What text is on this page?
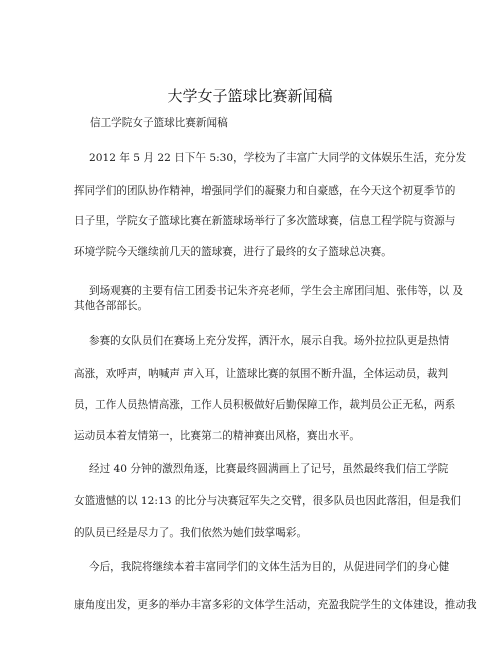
大学女子篮球比赛新闻稿
信工学院女子篮球比赛新闻稿
2012 年 5 月 22 日下午 5:30，学校为了丰富广大同学的文体娱乐生活，充分发
挥同学们的团队协作精神，增强同学们的凝聚力和自豪感，在今天这个初夏季节的
日子里，学院女子篮球比赛在新篮球场举行了多次篮球赛，信息工程学院与资源与
环境学院今天继续前几天的篮球赛，进行了最终的女子篮球总决赛。
到场观赛的主要有信工团委书记朱齐亮老师，学生会主席团闫旭、张伟等，以 及
其他各部部长。
参赛的女队员们在赛场上充分发挥，洒汗水，展示自我。场外拉拉队更是热情
高涨，欢呼声，呐喊声 声入耳，让篮球比赛的氛围不断升温，全体运动员，裁判
员，工作人员热情高涨，工作人员积极做好后勤保障工作，裁判员公正无私，两系
运动员本着友情第一，比赛第二的精神赛出风格，赛出水平。
经过 40 分钟的激烈角逐，比赛最终圆满画上了记号，虽然最终我们信工学院
女篮遗憾的以 12:13 的比分与决赛冠军失之交臂，很多队员也因此落泪，但是我们
的队员已经是尽力了。我们依然为她们鼓掌喝彩。
今后，我院将继续本着丰富同学们的文体生活为目的，从促进同学们的身心健
康角度出发，更多的举办丰富多彩的文体学生活动，充盈我院学生的文体建设，推动我
